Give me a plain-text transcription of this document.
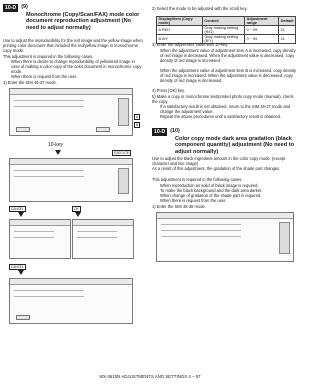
10-D (9)
Monochrome (Copy/Scan/FAX) mode color document reproduction adjustment (No need to adjust normally)
Use to adjust the reproducibility for the red image and the yellow image when printing color document that included the red/yellow image in monochrome copy mode.
This adjustment is required in the following cases.
When there is desire to change reproducibility of yellow/red image in case of making a color copy of the color document in monochrome copy mode.
When there is request from the user.
1) Enter the SIM 46-37 mode.
A
B
10-key
EXECUTE
CANCEL	OK
CANCEL
2) Select the mode to be adjusted with the scroll key.
Display/Item (Copy mode)	Content	Adjustment range	Default
A RED	Gray making setting (R/G)	0 ~ 99	21
B B/Y	Gray making setting (B/Y)	0 ~ 99	21
3) Enter the adjustment value with 10-key.
When the adjustment value of adjustment item A is increased, copy density of red image is decreased. When the adjustment value is decreased, copy density of red image is increased.
When the adjustment value of adjustment item B is increased, copy density of red image is increased. When the adjustment value is decreased, copy density of red image is decreased.
4) Press [OK] key.
5) Make a copy in monochrome text/printed photo copy mode (manual), check the copy.
If a satisfactory result is not obtained, return to the SIM 46-37 mode and change the adjustment value.
Repeat the above procedures until a satisfactory result is obtained.
10-D (10)
Color copy mode dark area gradation (black component quantity) adjustment (No need to adjust normally)
Use to adjust the black ingredient amount in the color copy mode. (except character and line image)
As a result of this adjustment, the gradation of the shade part changes.
This adjustment is required in the following cases.
When reproduction as solid of black image is required.
To make the black background and the dark area darker.
When change of gradation of the shade part is required.
When there is request from the user.
1) Enter the SIM 46-38 mode.
MX-3610N ADJUSTMENTS AND SETTINGS 4 – 57
